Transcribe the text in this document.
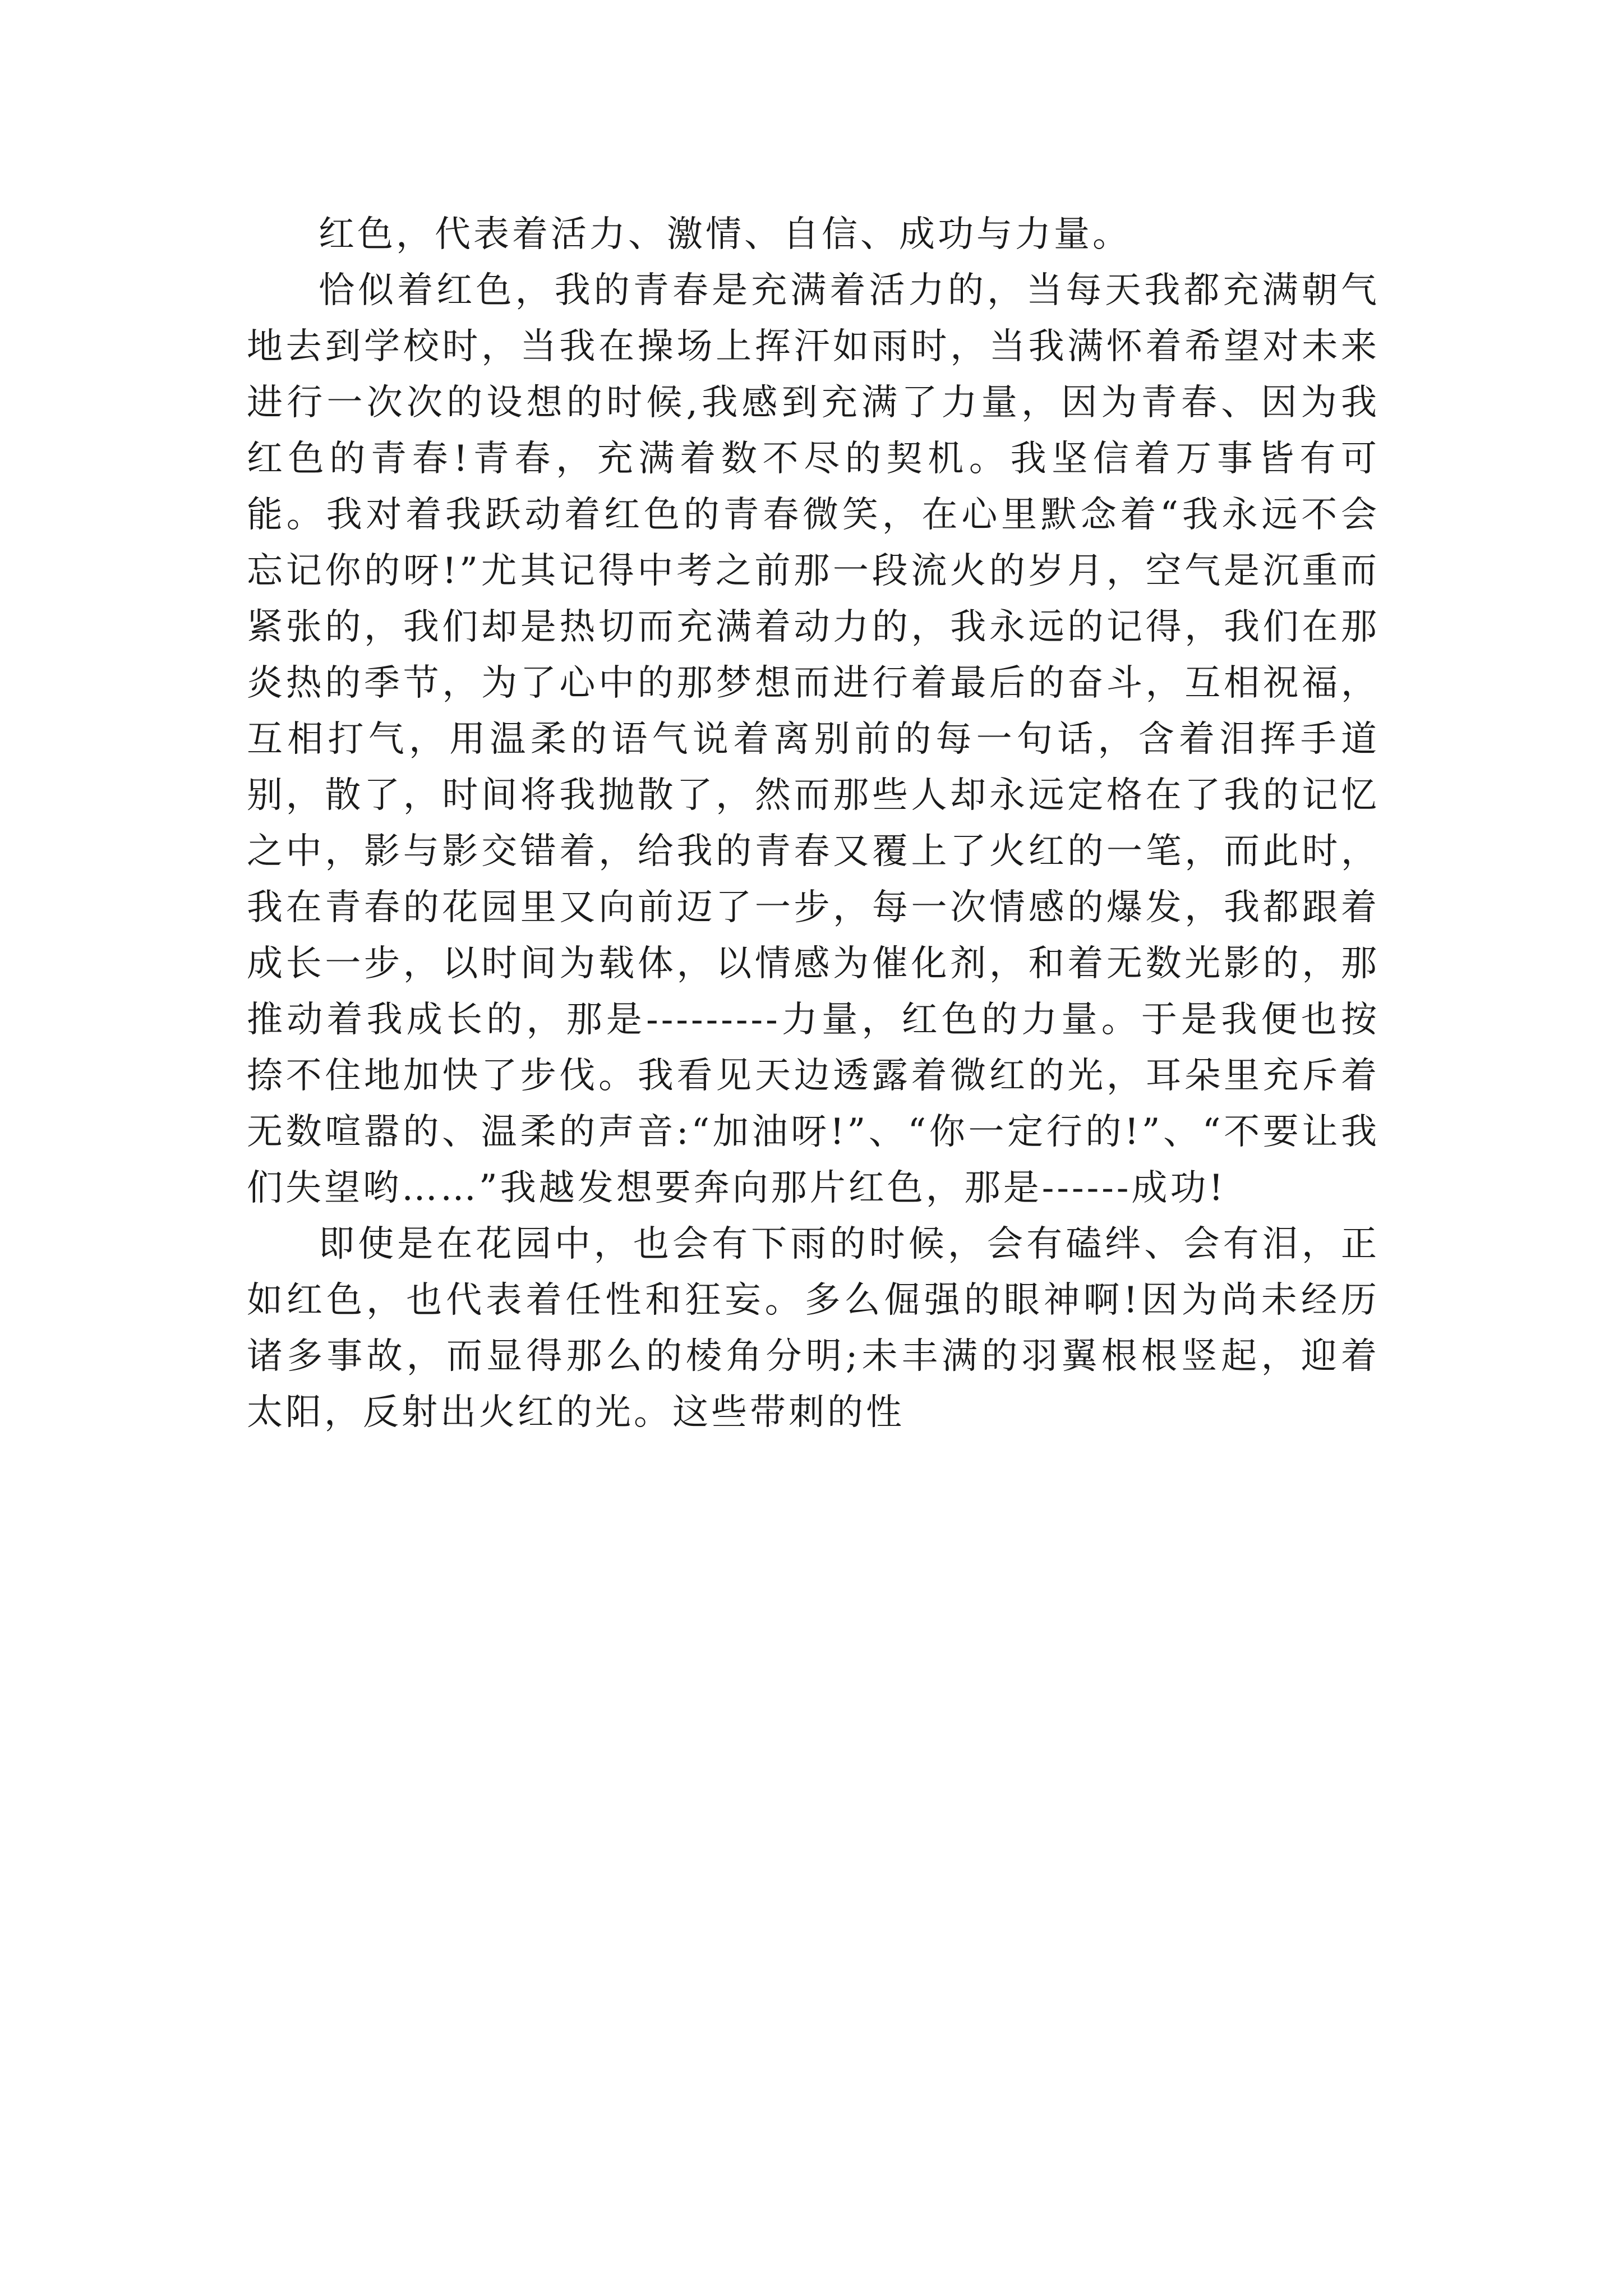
红色，代表着活力、激情、自信、成功与力量。

恰似着红色，我的青春是充满着活力的，当每天我都充满朝气地去到学校时，当我在操场上挥汗如雨时，当我满怀着希望对未来进行一次次的设想的时候,我感到充满了力量，因为青春、因为我红色的青春!青春，充满着数不尽的契机。我坚信着万事皆有可能。我对着我跃动着红色的青春微笑，在心里默念着“我永远不会忘记你的呀!”尤其记得中考之前那一段流火的岁月，空气是沉重而紧张的，我们却是热切而充满着动力的，我永远的记得，我们在那炎热的季节，为了心中的那梦想而进行着最后的奋斗，互相祝福，互相打气，用温柔的语气说着离别前的每一句话，含着泪挥手道别，散了，时间将我抛散了，然而那些人却永远定格在了我的记忆之中，影与影交错着，给我的青春又覆上了火红的一笔，而此时，我在青春的花园里又向前迈了一步，每一次情感的爆发，我都跟着成长一步，以时间为载体，以情感为催化剂，和着无数光影的，那推动着我成长的，那是---------力量，红色的力量。于是我便也按捺不住地加快了步伐。我看见天边透露着微红的光，耳朵里充斥着无数喧嚣的、温柔的声音:“加油呀!”、“你一定行的!”、“不要让我们失望哟……”我越发想要奔向那片红色，那是------成功!

即使是在花园中，也会有下雨的时候，会有磕绊、会有泪，正如红色，也代表着任性和狂妄。多么倔强的眼神啊!因为尚未经历诸多事故，而显得那么的棱角分明;未丰满的羽翼根根竖起，迎着太阳，反射出火红的光。这些带刺的性
